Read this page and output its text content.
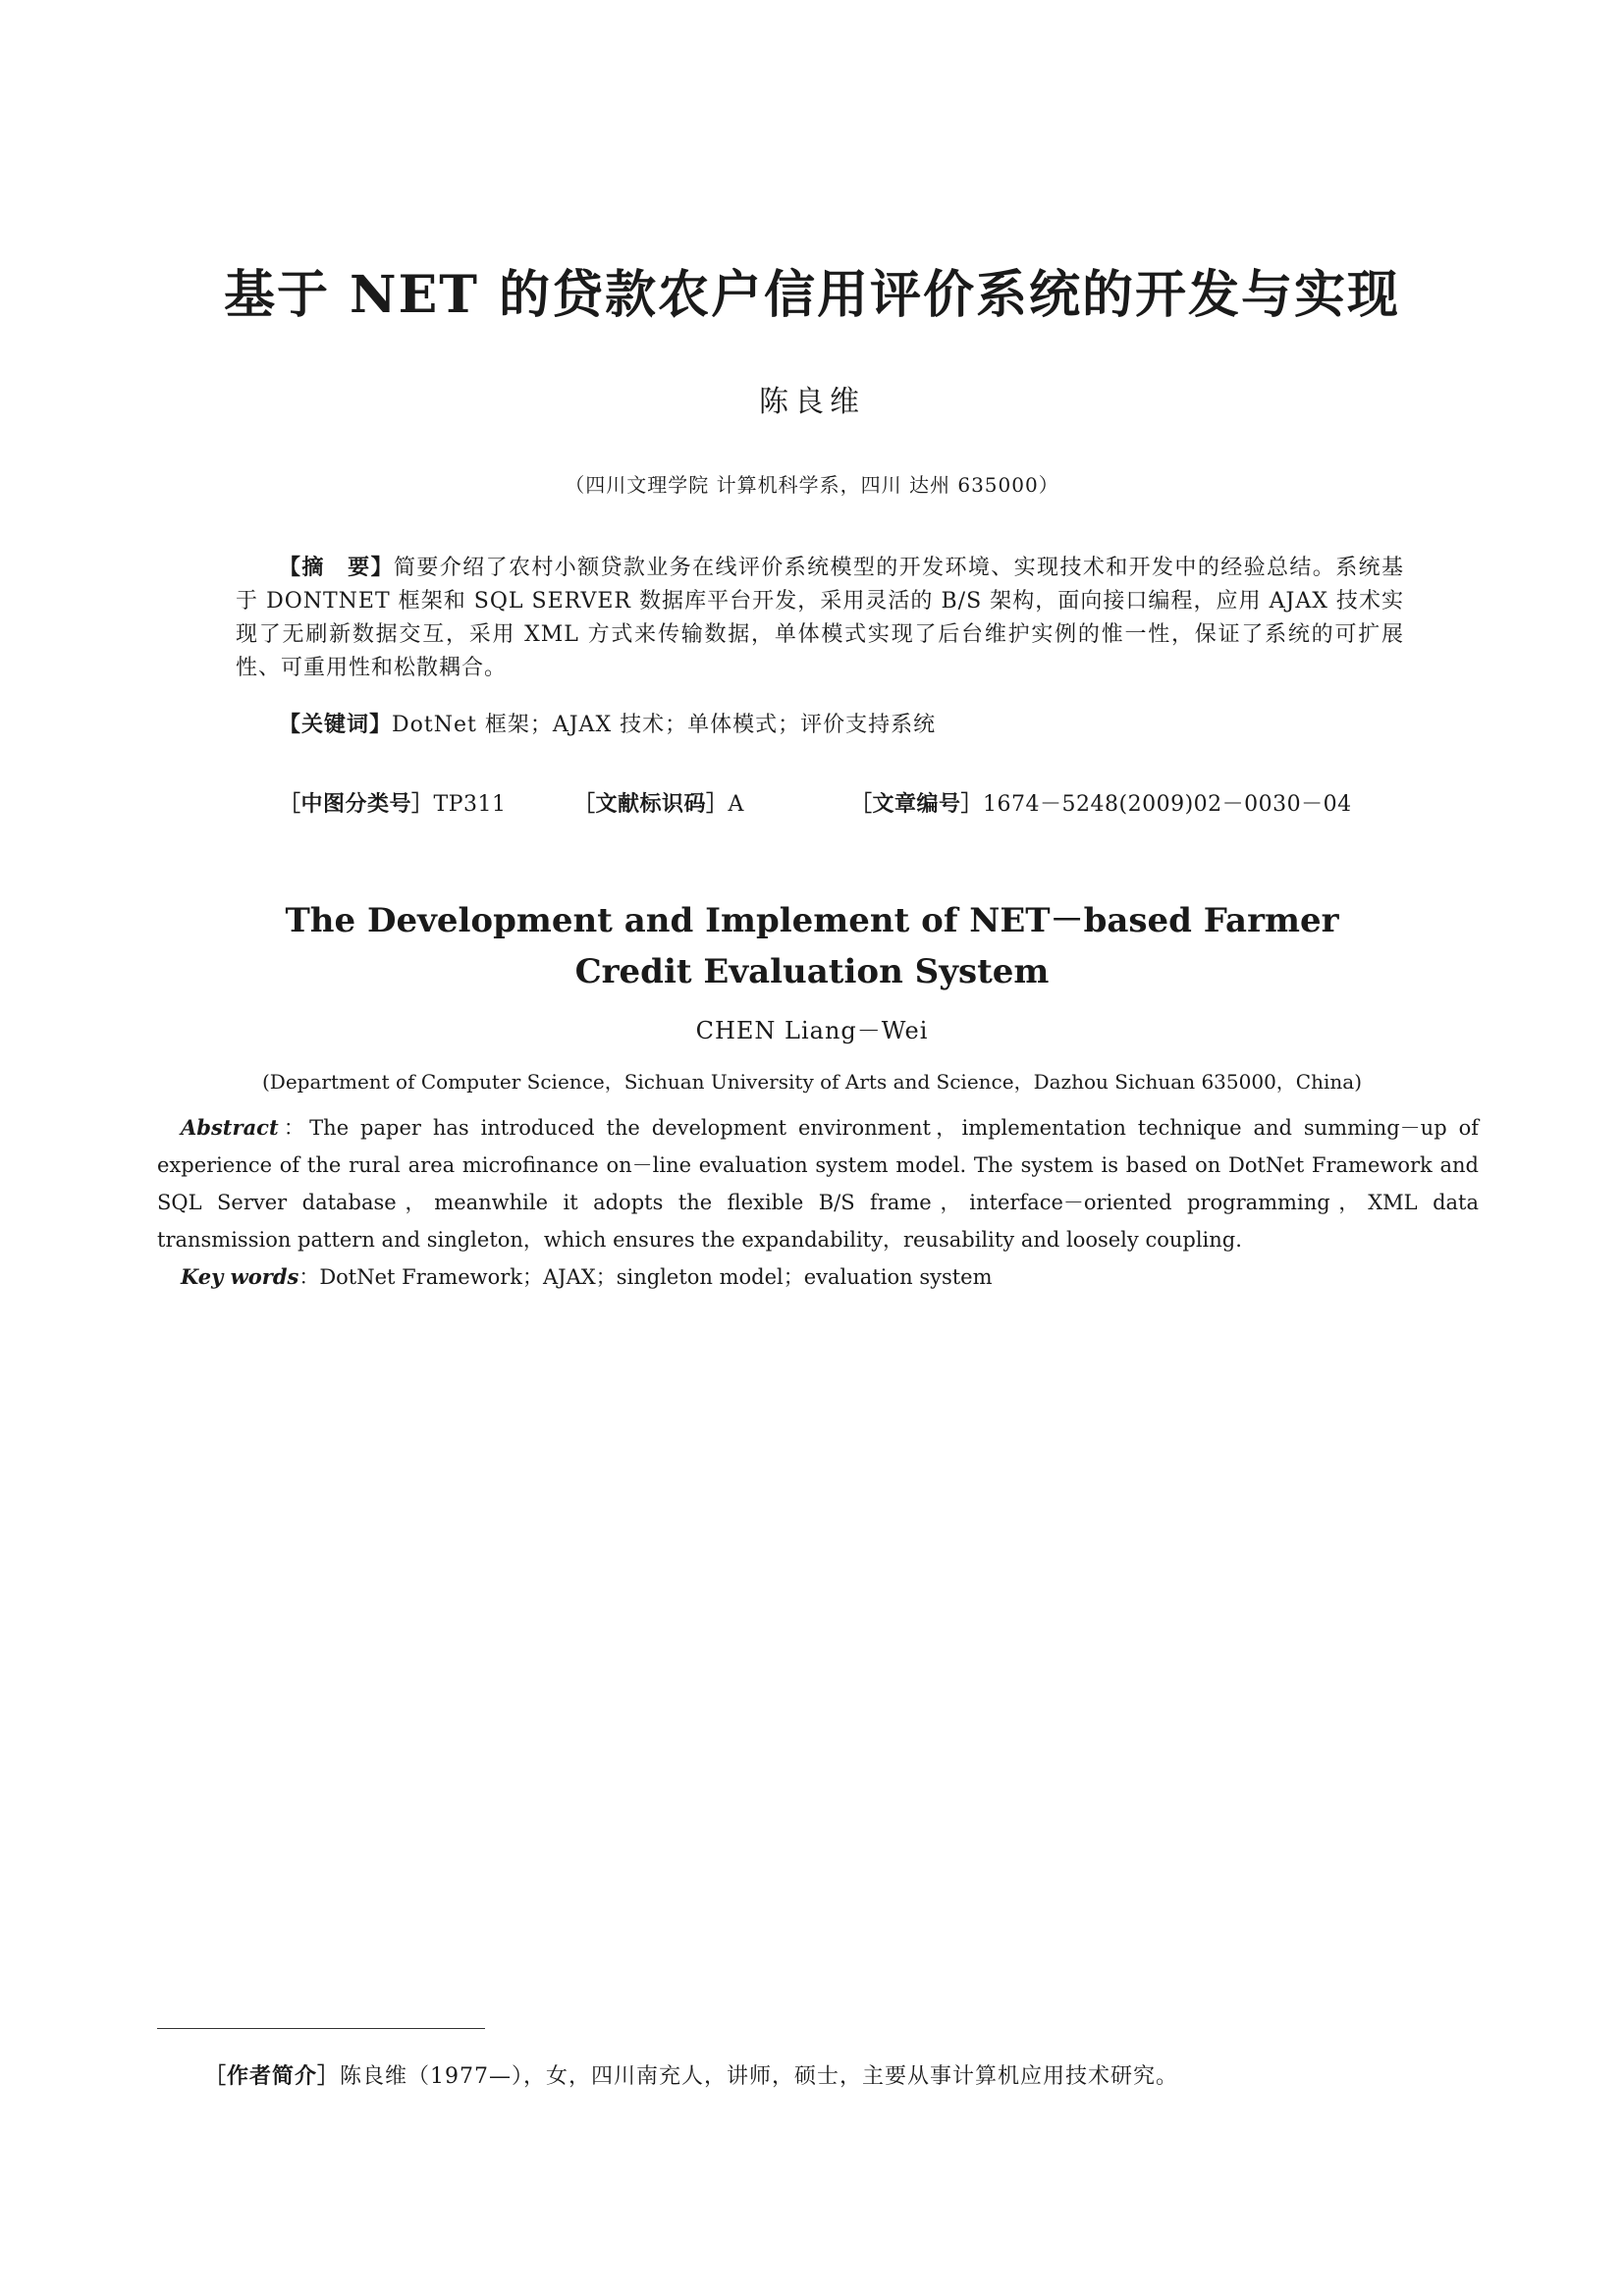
基于 NET 的贷款农户信用评价系统的开发与实现
陈良维
（四川文理学院 计算机科学系，四川 达州 635000）

【摘　要】简要介绍了农村小额贷款业务在线评价系统模型的开发环境、实现技术和开发中的经验总结。系统基于 DONTNET 框架和 SQL SERVER 数据库平台开发，采用灵活的 B/S 架构，面向接口编程，应用 AJAX 技术实现了无刷新数据交互，采用 XML 方式来传输数据，单体模式实现了后台维护实例的惟一性，保证了系统的可扩展性、可重用性和松散耦合。

【关键词】DotNet 框架；AJAX 技术；单体模式；评价支持系统
［中图分类号］TP311	［文献标识码］A	［文章编号］1674－5248(2009)02－0030－04
The Development and Implement of NET－based Farmer
Credit Evaluation System
CHEN Liang－Wei
(Department of Computer Science，Sichuan University of Arts and Science，Dazhou Sichuan 635000，China)

Abstract：The paper has introduced the development environment，implementation technique and summing－up of experience of the rural area microfinance on－line evaluation system model. The system is based on DotNet Framework and SQL Server database，meanwhile it adopts the flexible B/S frame，interface－oriented programming，XML data transmission pattern and singleton，which ensures the expandability，reusability and loosely coupling.

Key words：DotNet Framework；AJAX；singleton model；evaluation system
［作者简介］陈良维（1977—），女，四川南充人，讲师，硕士，主要从事计算机应用技术研究。
